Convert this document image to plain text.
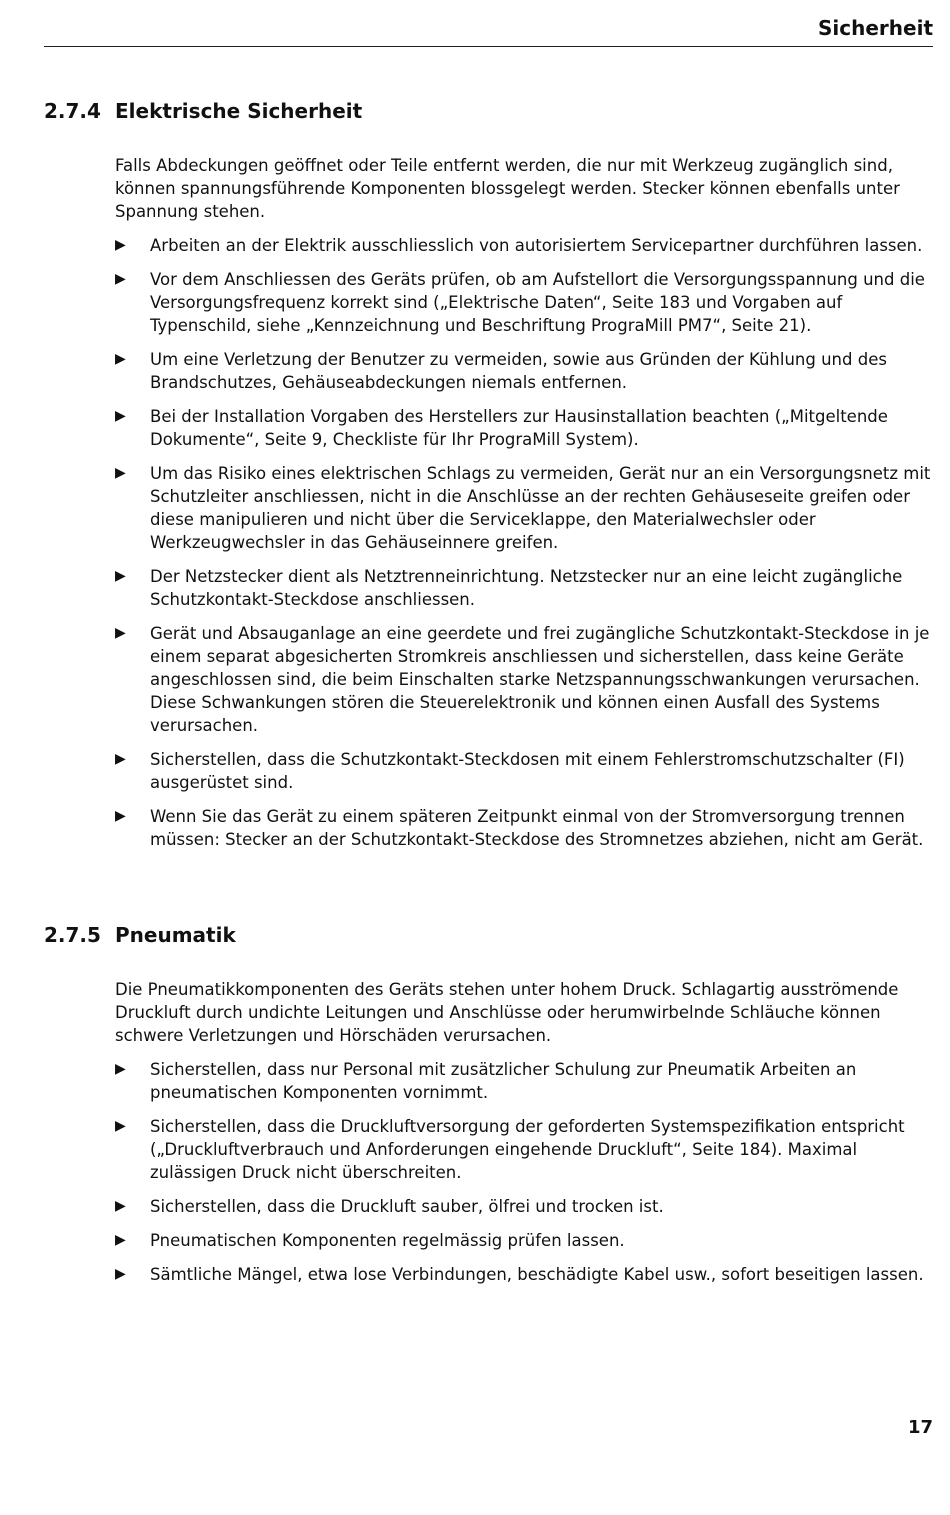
Sicherheit
2.7.4 Elektrische Sicherheit

Falls Abdeckungen geöffnet oder Teile entfernt werden, die nur mit Werkzeug zugänglich sind, können spannungsführende Komponenten blossgelegt werden. Stecker können ebenfalls unter Spannung stehen.

▶	Arbeiten an der Elektrik ausschliesslich von autorisiertem Servicepartner durchführen lassen.
▶	Vor dem Anschliessen des Geräts prüfen, ob am Aufstellort die Versorgungsspannung und die Versorgungsfrequenz korrekt sind („Elektrische Daten“, Seite 183 und Vorgaben auf Typenschild, siehe „Kennzeichnung und Beschriftung PrograMill PM7“, Seite 21).
▶	Um eine Verletzung der Benutzer zu vermeiden, sowie aus Gründen der Kühlung und des Brandschutzes, Gehäuseabdeckungen niemals entfernen.
▶	Bei der Installation Vorgaben des Herstellers zur Hausinstallation beachten („Mitgeltende Dokumente“, Seite 9, Checkliste für Ihr PrograMill System).
▶	Um das Risiko eines elektrischen Schlags zu vermeiden, Gerät nur an ein Versorgungsnetz mit Schutzleiter anschliessen, nicht in die Anschlüsse an der rechten Gehäuseseite greifen oder diese manipulieren und nicht über die Serviceklappe, den Materialwechsler oder Werkzeugwechsler in das Gehäuseinnere greifen.
▶	Der Netzstecker dient als Netztrenneinrichtung. Netzstecker nur an eine leicht zugängliche Schutzkontakt-Steckdose anschliessen.
▶	Gerät und Absauganlage an eine geerdete und frei zugängliche Schutzkontakt-Steckdose in je einem separat abgesicherten Stromkreis anschliessen und sicherstellen, dass keine Geräte angeschlossen sind, die beim Einschalten starke Netzspannungsschwankungen verursachen. Diese Schwankungen stören die Steuerelektronik und können einen Ausfall des Systems verursachen.
▶	Sicherstellen, dass die Schutzkontakt-Steckdosen mit einem Fehlerstromschutzschalter (FI) ausgerüstet sind.
▶	Wenn Sie das Gerät zu einem späteren Zeitpunkt einmal von der Stromversorgung trennen müssen: Stecker an der Schutzkontakt-Steckdose des Stromnetzes abziehen, nicht am Gerät.
2.7.5 Pneumatik

Die Pneumatikkomponenten des Geräts stehen unter hohem Druck. Schlagartig ausströmende Druckluft durch undichte Leitungen und Anschlüsse oder herumwirbelnde Schläuche können schwere Verletzungen und Hörschäden verursachen.

▶	Sicherstellen, dass nur Personal mit zusätzlicher Schulung zur Pneumatik Arbeiten an pneumatischen Komponenten vornimmt.
▶	Sicherstellen, dass die Druckluftversorgung der geforderten Systemspezifikation entspricht („Druckluftverbrauch und Anforderungen eingehende Druckluft“, Seite 184). Maximal zulässigen Druck nicht überschreiten.
▶	Sicherstellen, dass die Druckluft sauber, ölfrei und trocken ist.
▶	Pneumatischen Komponenten regelmässig prüfen lassen.
▶	Sämtliche Mängel, etwa lose Verbindungen, beschädigte Kabel usw., sofort beseitigen lassen.
17
